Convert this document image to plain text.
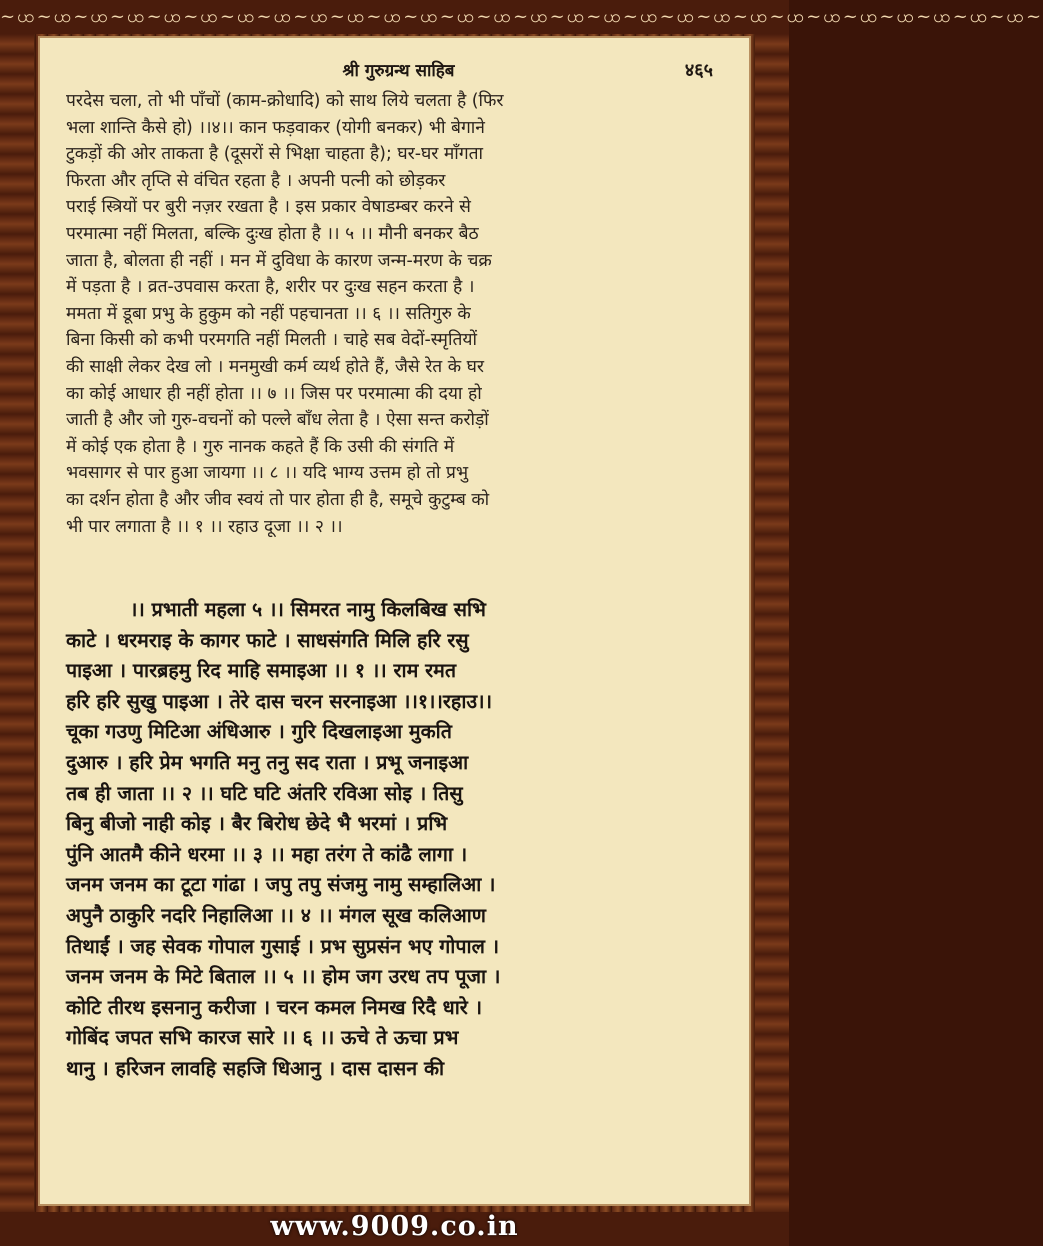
~ꩤ~ꩤ~ꩤ~ꩤ~ꩤ~ꩤ~ꩤ~ꩤ~ꩤ~ꩤ~ꩤ~ꩤ~ꩤ~ꩤ~ꩤ~ꩤ~ꩤ~ꩤ~ꩤ~ꩤ~ꩤ~ꩤ~ꩤ~ꩤ~ꩤ~ꩤ~ꩤ~ꩤ~
श्री गुरुग्रन्थ साहिब	४६५
परदेस चला, तो भी पाँचों (काम-क्रोधादि) को साथ लिये चलता है (फिर
भला शान्ति कैसे हो) ।।४।। कान फड़वाकर (योगी बनकर) भी बेगाने
टुकड़ों की ओर ताकता है (दूसरों से भिक्षा चाहता है); घर-घर माँगता
फिरता और तृप्ति से वंचित रहता है । अपनी पत्नी को छोड़कर
पराई स्त्रियों पर बुरी नज़र रखता है । इस प्रकार वेषाडम्बर करने से
परमात्मा नहीं मिलता, बल्कि दुःख होता है ।। ५ ।। मौनी बनकर बैठ
जाता है, बोलता ही नहीं । मन में दुविधा के कारण जन्म-मरण के चक्र
में पड़ता है । व्रत-उपवास करता है, शरीर पर दुःख सहन करता है ।
ममता में डूबा प्रभु के हुकुम को नहीं पहचानता ।। ६ ।। सतिगुरु के
बिना किसी को कभी परमगति नहीं मिलती । चाहे सब वेदों-स्मृतियों
की साक्षी लेकर देख लो । मनमुखी कर्म व्यर्थ होते हैं, जैसे रेत के घर
का कोई आधार ही नहीं होता ।। ७ ।। जिस पर परमात्मा की दया हो
जाती है और जो गुरु-वचनों को पल्ले बाँध लेता है । ऐसा सन्त करोड़ों
में कोई एक होता है । गुरु नानक कहते हैं कि उसी की संगति में
भवसागर से पार हुआ जायगा ।। ८ ।। यदि भाग्य उत्तम हो तो प्रभु
का दर्शन होता है और जीव स्वयं तो पार होता ही है, समूचे कुटुम्ब को
भी पार लगाता है ।। १ ।। रहाउ दूजा ।। २ ।।
।। प्रभाती महला ५ ।। सिमरत नामु किलबिख सभि
काटे । धरमराइ के कागर फाटे । साधसंगति मिलि हरि रसु
पाइआ । पारब्रहमु रिद माहि समाइआ ।। १ ।। राम रमत
हरि हरि सुखु पाइआ । तेरे दास चरन सरनाइआ ।।१।।रहाउ।।
चूका गउणु मिटिआ अंधिआरु । गुरि दिखलाइआ मुकति
दुआरु । हरि प्रेम भगति मनु तनु सद राता । प्रभू जनाइआ
तब ही जाता ।। २ ।। घटि घटि अंतरि रविआ सोइ । तिसु
बिनु बीजो नाही कोइ । बैर बिरोध छेदे भै भरमां । प्रभि
पुंनि आतमै कीने धरमा ।। ३ ।। महा तरंग ते कांढै लागा ।
जनम जनम का टूटा गांढा । जपु तपु संजमु नामु सम्हालिआ ।
अपुनै ठाकुरि नदरि निहालिआ ।। ४ ।। मंगल सूख कलिआण
तिथाईं । जह सेवक गोपाल गुसाई । प्रभ सुप्रसंन भए गोपाल ।
जनम जनम के मिटे बिताल ।। ५ ।। होम जग उरध तप पूजा ।
कोटि तीरथ इसनानु करीजा । चरन कमल निमख रिदै धारे ।
गोबिंद जपत सभि कारज सारे ।। ६ ।। ऊचे ते ऊचा प्रभ
थानु । हरिजन लावहि सहजि धिआनु । दास दासन की
www.9009.co.in
